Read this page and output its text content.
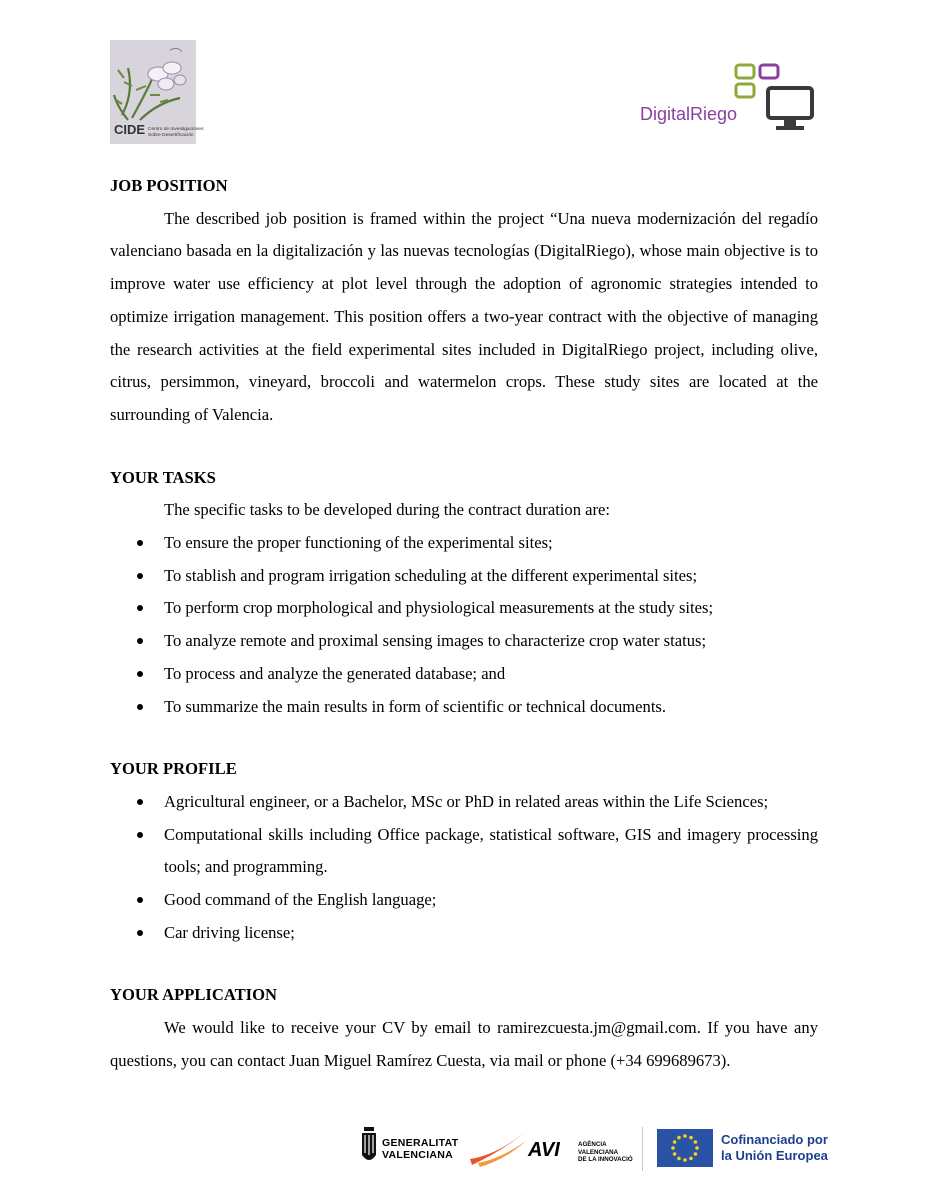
CIDE Centro de Investigaciones
Sobre Desertificación
DigitalRiego

JOB POSITION

The described job position is framed within the project “Una nueva modernización del regadío valenciano basada en la digitalización y las nuevas tecnologías (DigitalRiego), whose main objective is to improve water use efficiency at plot level through the adoption of agronomic strategies intended to optimize irrigation management. This position offers a two-year contract with the objective of managing the research activities at the field experimental sites included in DigitalRiego project, including olive, citrus, persimmon, vineyard, broccoli and watermelon crops. These study sites are located at the surrounding of Valencia.

YOUR TASKS

The specific tasks to be developed during the contract duration are:

To ensure the proper functioning of the experimental sites;
To stablish and program irrigation scheduling at the different experimental sites;
To perform crop morphological and physiological measurements at the study sites;
To analyze remote and proximal sensing images to characterize crop water status;
To process and analyze the generated database; and
To summarize the main results in form of scientific or technical documents.

YOUR PROFILE

Agricultural engineer, or a Bachelor, MSc or PhD in related areas within the Life Sciences;
Computational skills including Office package, statistical software, GIS and imagery processing tools; and programming.
Good command of the English language;
Car driving license;

YOUR APPLICATION

We would like to receive your CV by email to ramirezcuesta.jm@gmail.com. If you have any questions, you can contact Juan Miguel Ramírez Cuesta, via mail or phone (+34 699689673).

GENERALITAT
VALENCIANA	AVI	AGÈNCIA VALENCIANA
DE LA INNOVACIÓ
Cofinanciado por
la Unión Europea
